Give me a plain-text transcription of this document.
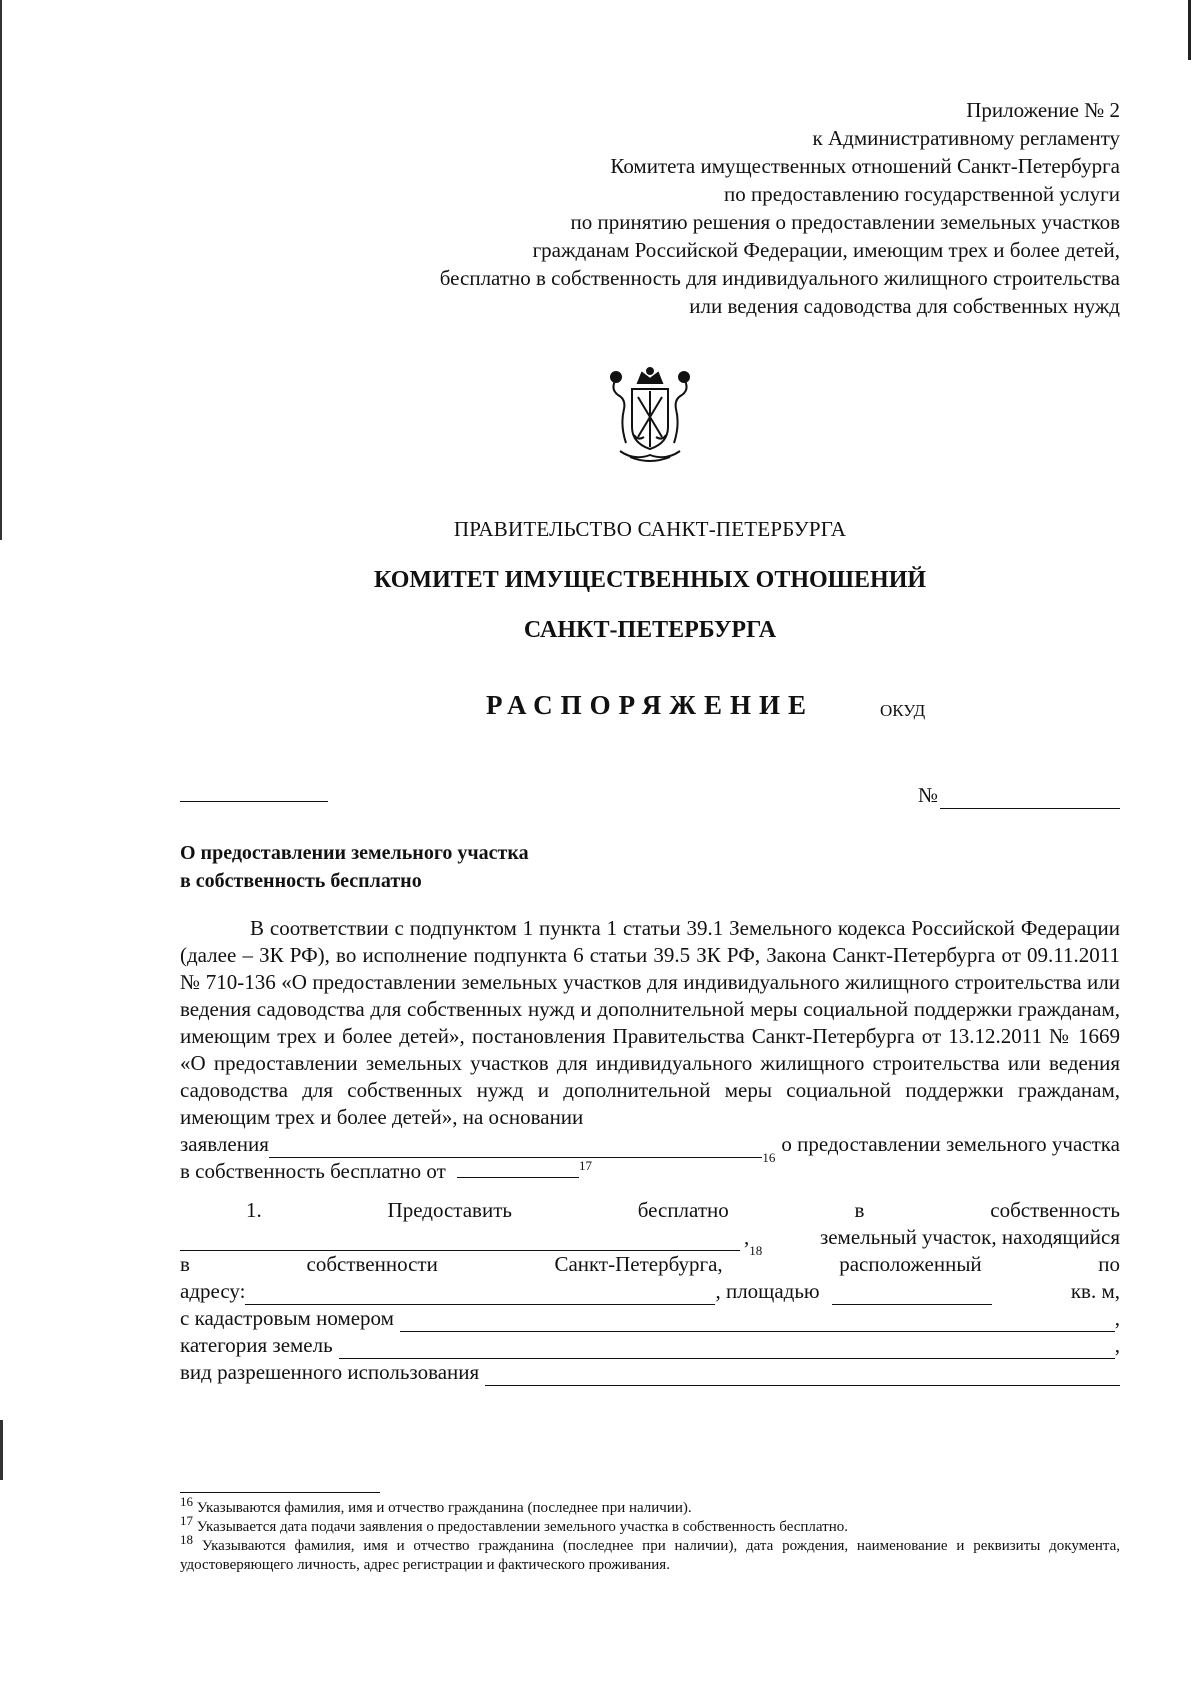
Приложение № 2
к Административному регламенту
Комитета имущественных отношений Санкт-Петербурга
по предоставлению государственной услуги
по принятию решения о предоставлении земельных участков
гражданам Российской Федерации, имеющим трех и более детей,
бесплатно в собственность для индивидуального жилищного строительства
или ведения садоводства для собственных нужд
ПРАВИТЕЛЬСТВО САНКТ-ПЕТЕРБУРГА
КОМИТЕТ ИМУЩЕСТВЕННЫХ ОТНОШЕНИЙ
САНКТ-ПЕТЕРБУРГА
РАСПОРЯЖЕНИЕ	ОКУД
№
О предоставлении земельного участка
в собственность бесплатно
В соответствии с подпунктом 1 пункта 1 статьи 39.1 Земельного кодекса Российской Федерации (далее – ЗК РФ), во исполнение подпункта 6 статьи 39.5 ЗК РФ, Закона Санкт-Петербурга от 09.11.2011 № 710-136 «О предоставлении земельных участков для индивидуального жилищного строительства или ведения садоводства для собственных нужд и дополнительной меры социальной поддержки гражданам, имеющим трех и более детей», постановления Правительства Санкт-Петербурга от 13.12.2011 № 1669 «О предоставлении земельных участков для индивидуального жилищного строительства или ведения садоводства для собственных нужд и дополнительной меры социальной поддержки гражданам, имеющим трех и более детей», на основании
заявления
16
о предоставлении земельного участка
в собственность бесплатно от	$^{17}$
1.	Предоставить	бесплатно	в	собственность
,
18
земельный участок, находящийся
в	собственности	Санкт-Петербурга,	расположенный	по
адресу:	, площадью	кв. м,
с кадастровым номером	,
категория земель	,
вид разрешенного использования

$^{16}$ Указываются фамилия, имя и отчество гражданина (последнее при наличии).

$^{17}$ Указывается дата подачи заявления о предоставлении земельного участка в собственность бесплатно.

$^{18}$ Указываются фамилия, имя и отчество гражданина (последнее при наличии), дата рождения, наименование и реквизиты документа, удостоверяющего личность, адрес регистрации и фактического проживания.
